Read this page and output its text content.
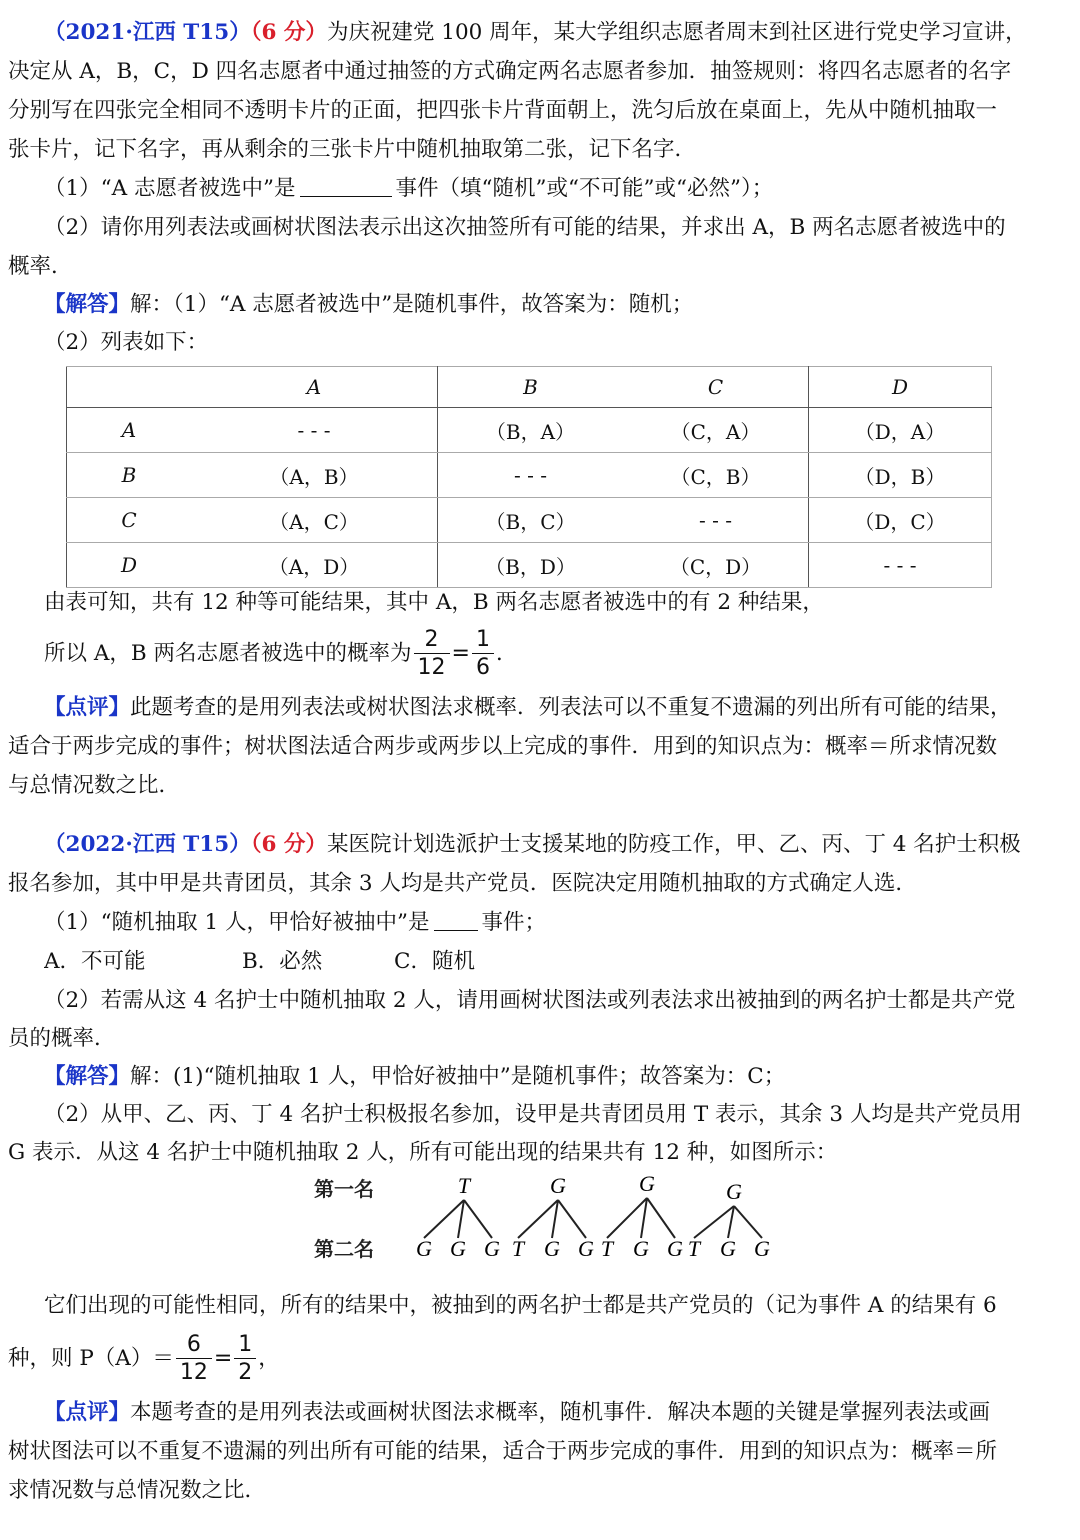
（2021·江西 T15）（6 分）为庆祝建党 100 周年，某大学组织志愿者周末到社区进行党史学习宣讲，
决定从 A，B，C，D 四名志愿者中通过抽签的方式确定两名志愿者参加．抽签规则：将四名志愿者的名字
分别写在四张完全相同不透明卡片的正面，把四张卡片背面朝上，洗匀后放在桌面上，先从中随机抽取一
张卡片，记下名字，再从剩余的三张卡片中随机抽取第二张，记下名字．
（1）“A 志愿者被选中”是	事件（填“随机”或“不可能”或“必然”）；
（2）请你用列表法或画树状图法表示出这次抽签所有可能的结果，并求出 A，B 两名志愿者被选中的
概率．
【解答】解：（1）“A 志愿者被选中”是随机事件，故答案为：随机；
（2）列表如下：
	A	B	C	D
A	- - -	（B，A）	（C，A）	（D，A）
B	（A，B）	- - -	（C，B）	（D，B）
C	（A，C）	（B，C）	- - -	（D，C）
D	（A，D）	（B，D）	（C，D）	- - -
由表可知，共有 12 种等可能结果，其中 A，B 两名志愿者被选中的有 2 种结果，
所以 A，B 两名志愿者被选中的概率为 $\frac{2}{12} = \frac{1}{6}$ ．
【点评】此题考查的是用列表法或树状图法求概率．列表法可以不重复不遗漏的列出所有可能的结果，
适合于两步完成的事件；树状图法适合两步或两步以上完成的事件．用到的知识点为：概率＝所求情况数
与总情况数之比．
（2022·江西 T15）（6 分）某医院计划选派护士支援某地的防疫工作，甲、乙、丙、丁 4 名护士积极
报名参加，其中甲是共青团员，其余 3 人均是共产党员．医院决定用随机抽取的方式确定人选．
（1）“随机抽取 1 人，甲恰好被抽中”是 事件；
A．不可能	B．必然	C．随机
（2）若需从这 4 名护士中随机抽取 2 人，请用画树状图法或列表法求出被抽到的两名护士都是共产党
员的概率．
【解答】解：(1)“随机抽取 1 人，甲恰好被抽中”是随机事件；故答案为：C；
（2）从甲、乙、丙、丁 4 名护士积极报名参加，设甲是共青团员用 T 表示，其余 3 人均是共产党员用
G 表示．从这 4 名护士中随机抽取 2 人，所有可能出现的结果共有 12 种，如图所示：
第一名
第二名
T
G G G
G
T G G
G
T G G
G
T G G
它们出现的可能性相同，所有的结果中，被抽到的两名护士都是共产党员的（记为事件 A 的结果有 6
种，则 $P(A)= \frac{6}{12} = \frac{1}{2}$ ，
【点评】本题考查的是用列表法或画树状图法求概率，随机事件．解决本题的关键是掌握列表法或画
树状图法可以不重复不遗漏的列出所有可能的结果，适合于两步完成的事件．用到的知识点为：概率＝所
求情况数与总情况数之比．
